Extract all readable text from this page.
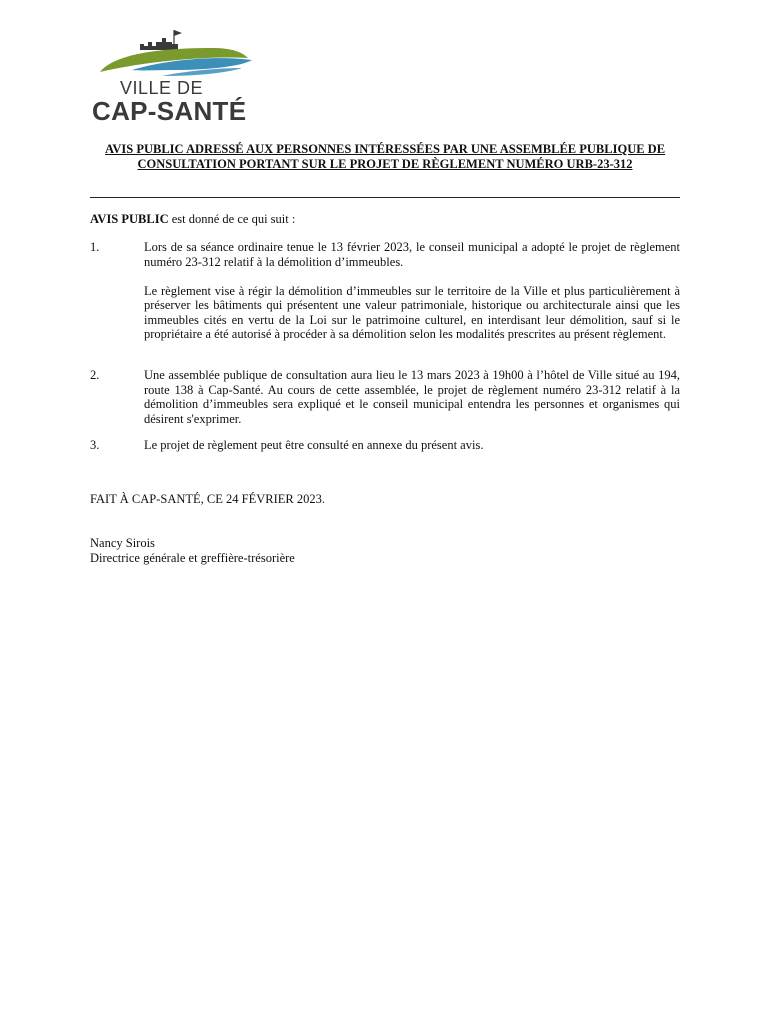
VILLE DE
CAP-SANTÉ
AVIS PUBLIC ADRESSÉ AUX PERSONNES INTÉRESSÉES PAR UNE ASSEMBLÉE PUBLIQUE DE CONSULTATION PORTANT SUR LE PROJET DE RÈGLEMENT NUMÉRO URB-23-312
AVIS PUBLIC est donné de ce qui suit :
1.	Lors de sa séance ordinaire tenue le 13 février 2023, le conseil municipal a adopté le projet de règlement numéro 23-312 relatif à la démolition d’immeubles.
Le règlement vise à régir la démolition d’immeubles sur le territoire de la Ville et plus particulièrement à préserver les bâtiments qui présentent une valeur patrimoniale, historique ou architecturale ainsi que les immeubles cités en vertu de la Loi sur le patrimoine culturel, en interdisant leur démolition, sauf si le propriétaire a été autorisé à procéder à sa démolition selon les modalités prescrites au présent règlement.
2.	Une assemblée publique de consultation aura lieu le 13 mars 2023 à 19h00 à l’hôtel de Ville situé au 194, route 138 à Cap-Santé. Au cours de cette assemblée, le projet de règlement numéro 23-312 relatif à la démolition d’immeubles sera expliqué et le conseil municipal entendra les personnes et organismes qui désirent s'exprimer.
3.	Le projet de règlement peut être consulté en annexe du présent avis.
FAIT À CAP-SANTÉ, CE 24 FÉVRIER 2023.
Nancy Sirois
Directrice générale et greffière-trésorière
